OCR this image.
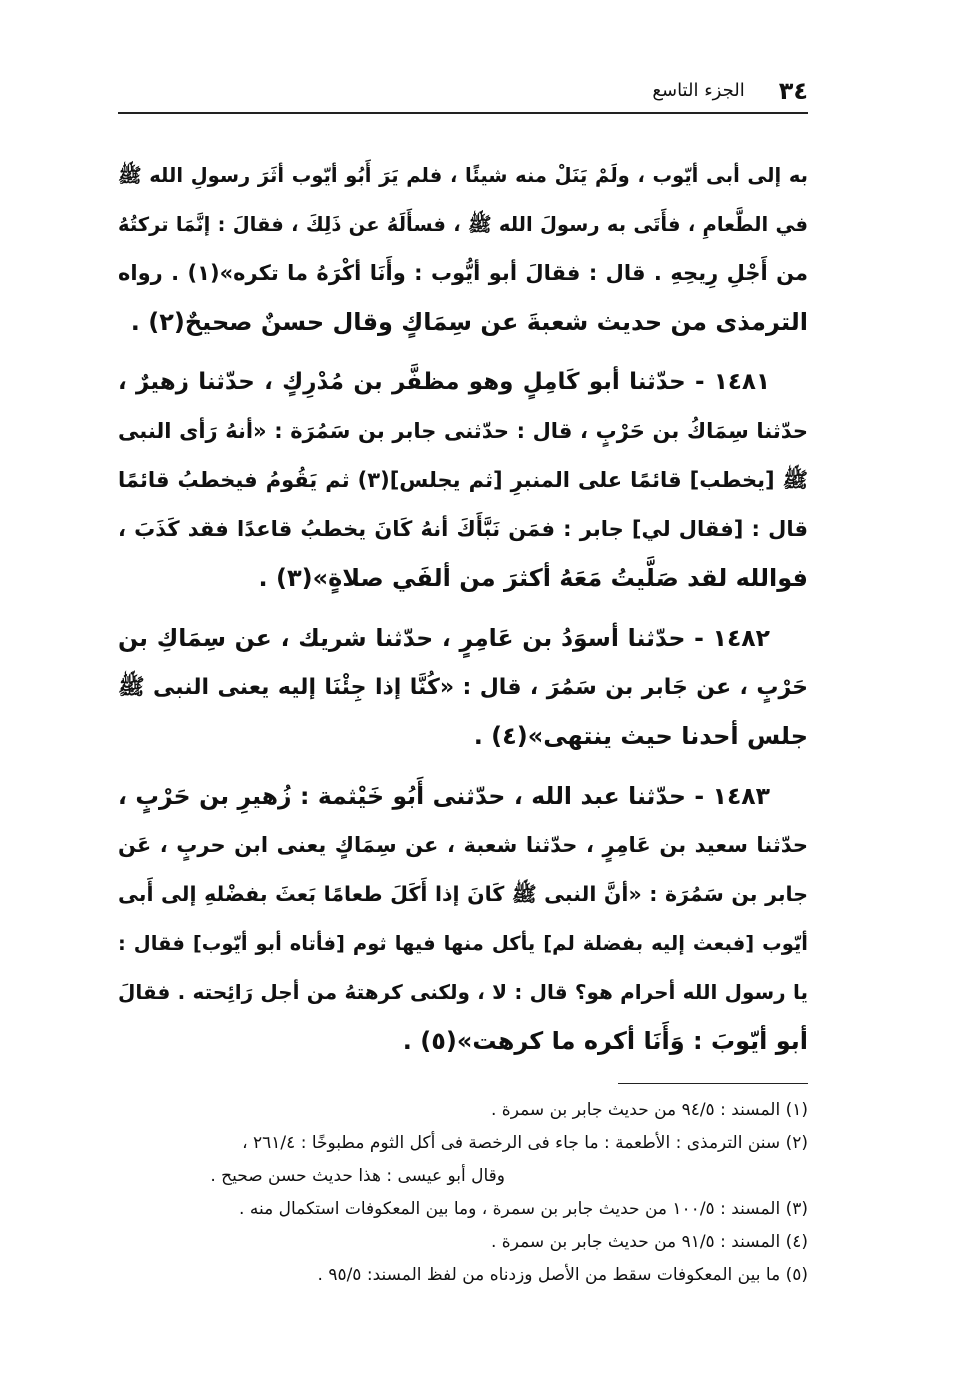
٣٤
الجزء التاسع
به إلى أبى أيّوب ، ولَمْ يَنَلْ منه شيئًا ، فلم يَرَ أَبُو أيّوب أثَرَ رسولِ الله ﷺ
في الطَّعامِ ، فأَتَى به رسولَ الله ﷺ ، فسأَلَهُ عن ذَلِكَ ، فقالَ : إنَّمَا تركتُهُ
من أَجْلِ رِيحِهِ . قال : فقالَ أبو أيُّوب : وأَنَا أكْرَهُ ما تكره»(١) . رواه
الترمذى من حديث شعبةَ عن سِمَاكٍ وقال حسنٌ صحيحٌ(٢) .
١٤٨١ - حدّثنا أبو كَامِلٍ وهو مظفَّر بن مُدْرِكٍ ، حدّثنا زهيرٌ ،
حدّثنا سِمَاكُ بن حَرْبٍ ، قال : حدّثنى جابر بن سَمُرَة : «أنهُ رَأى النبى
ﷺ [يخطب] قائمًا على المنبرِ [ثم يجلس](٣) ثم يَقُومُ فيخطبُ قائمًا
قال : [فقال لي] جابر : فمَن نَبَّأَكَ أنهُ كَانَ يخطبُ قاعدًا فقد كَذَبَ ،
فوالله لقد صَلَّيتُ مَعَهُ أكثرَ من ألفَي صلاةٍ»(٣) .
١٤٨٢ - حدّثنا أسوَدُ بن عَامِرٍ ، حدّثنا شريك ، عن سِمَاكِ بن
حَرْبٍ ، عن جَابر بن سَمُرَ ، قال : «كُنَّا إذا جِئْنَا إليه يعنى النبى ﷺ
جلس أحدنا حيث ينتهى»(٤) .
١٤٨٣ - حدّثنا عبد الله ، حدّثنى أَبُو خَيْثمة : زُهيرِ بن حَرْبٍ ،
حدّثنا سعيد بن عَامِرٍ ، حدّثنا شعبة ، عن سِمَاكٍ يعنى ابن حربٍ ، عَن
جابر بن سَمُرَة : «أنَّ النبى ﷺ كَانَ إذا أَكَلَ طعامًا بَعثَ بفضْلهِ إلى أَبى
أيّوب [فبعث إليه بفضلة لم] يأكل منها فيها ثوم [فأتاه أبو أيّوب] فقال :
يا رسول الله أحرام هو؟ قال : لا ، ولكنى كرهتهُ من أجل رَائِحته . فقالَ
أبو أيّوبَ : وَأَنَا أكره ما كرهت»(٥) .
(١) المسند : ٩٤/٥ من حديث جابر بن سمرة .
(٢) سنن الترمذى : الأطعمة : ما جاء فى الرخصة فى أكل الثوم مطبوخًا : ٢٦١/٤ ،
وقال أبو عيسى : هذا حديث حسن صحيح .
(٣) المسند : ١٠٠/٥ من حديث جابر بن سمرة ، وما بين المعكوفات استكمال منه .
(٤) المسند : ٩١/٥ من حديث جابر بن سمرة .
(٥) ما بين المعكوفات سقط من الأصل وزدناه من لفظ المسند: ٩٥/٥ .
